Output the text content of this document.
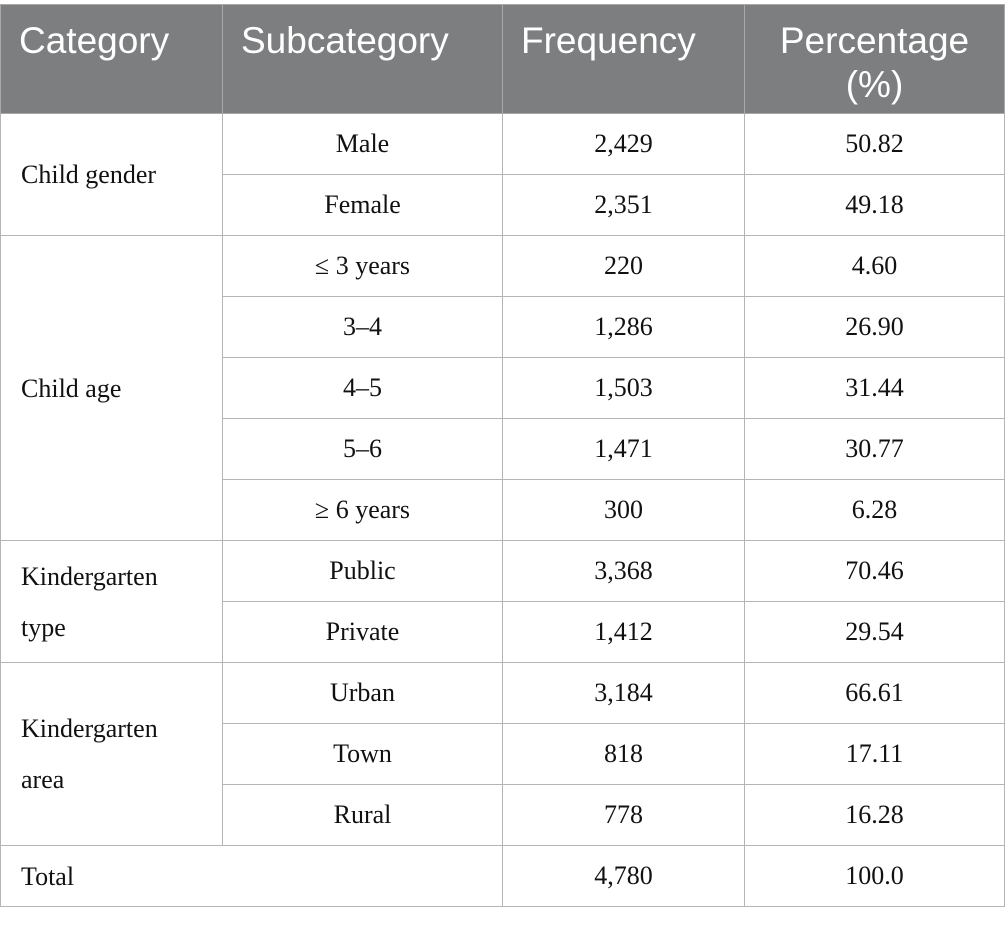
Category	Subcategory	Frequency	Percentage
(%)
Child gender	Male	2,429	50.82
	Female	2,351	49.18
Child age	≤ 3 years	220	4.60
	3–4	1,286	26.90
	4–5	1,503	31.44
	5–6	1,471	30.77
	≥ 6 years	300	6.28
Kindergarten
type	Public	3,368	70.46
	Private	1,412	29.54
Kindergarten
area	Urban	3,184	66.61
	Town	818	17.11
	Rural	778	16.28
Total		4,780	100.0
